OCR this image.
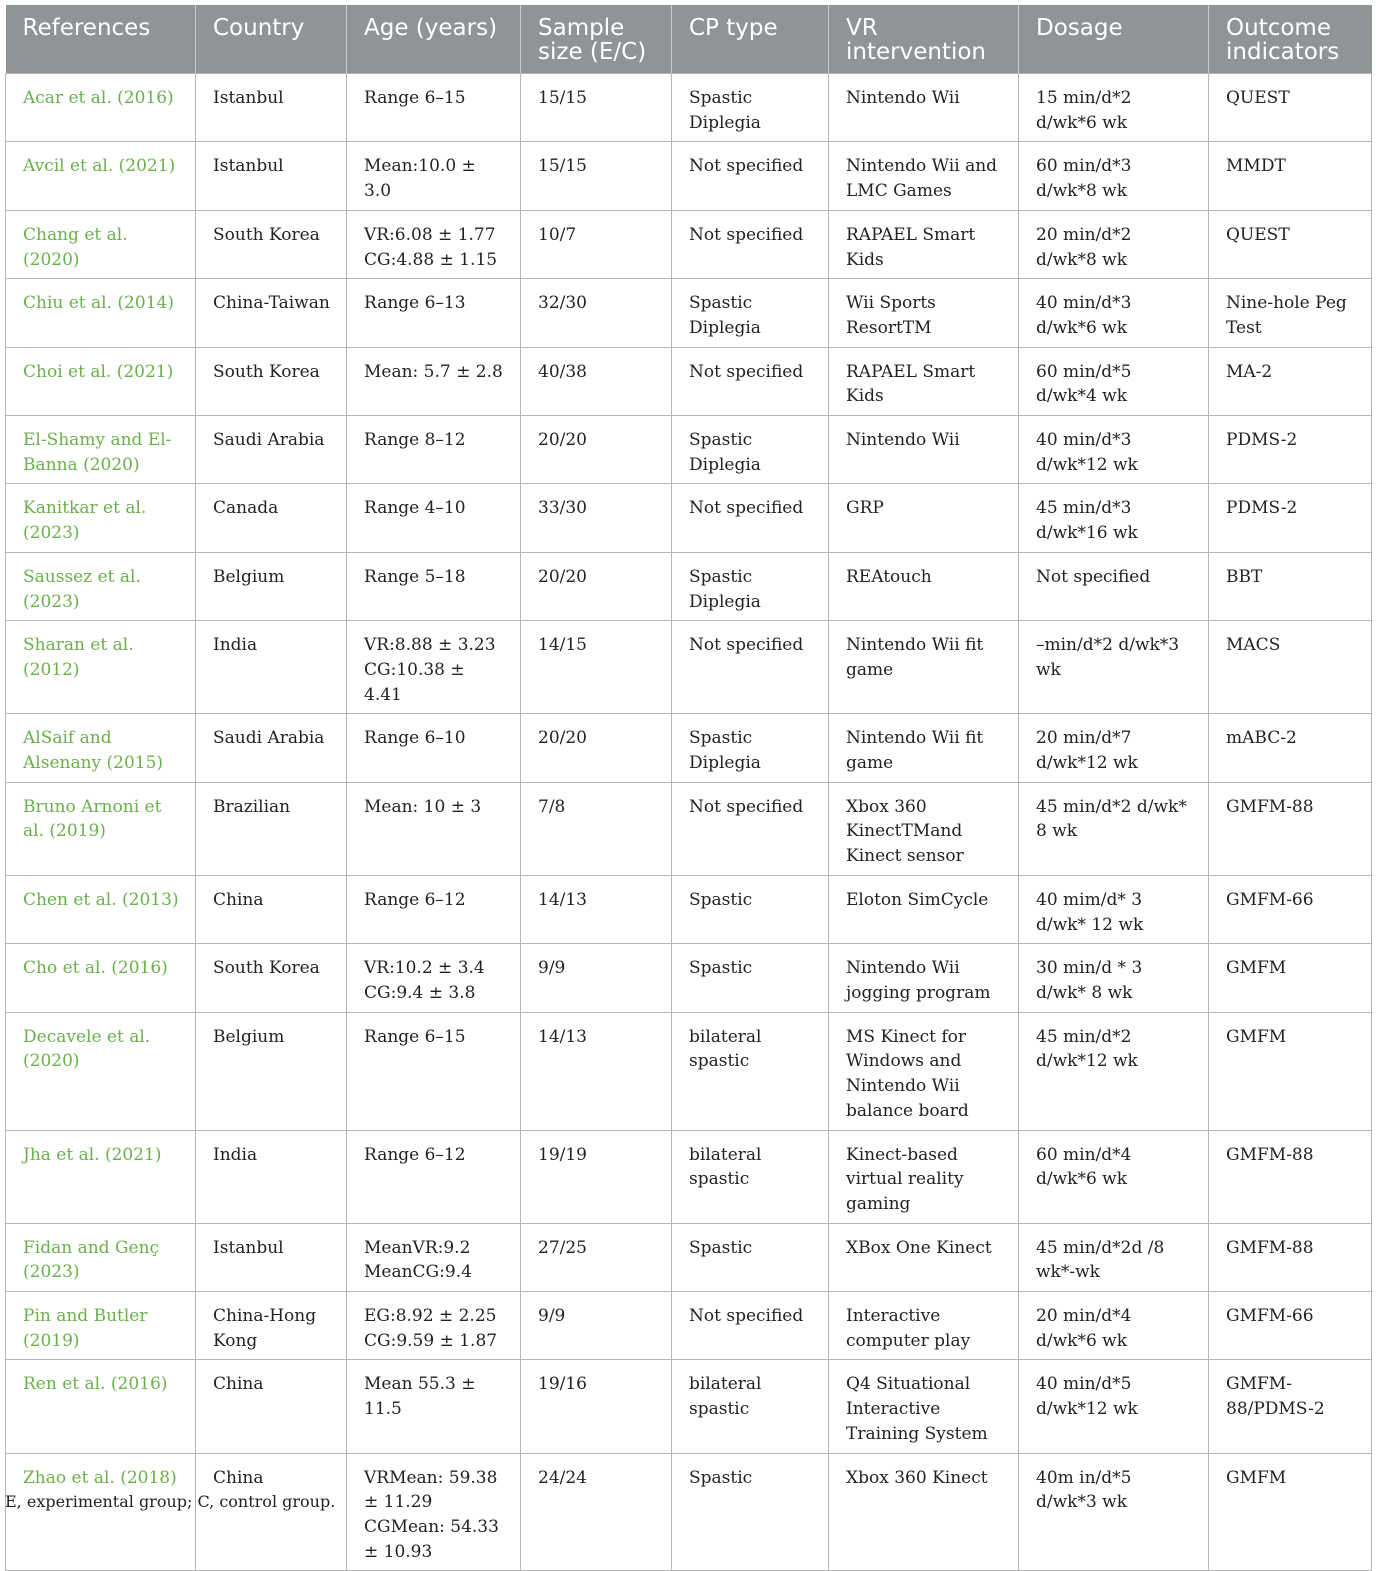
References	Country	Age (years)	Sample size (E/C)	CP type	VR intervention	Dosage	Outcome indicators
Acar et al. (2016)	Istanbul	Range 6–15	15/15	Spastic Diplegia	Nintendo Wii	15 min/d*2 d/wk*6 wk	QUEST
Avcil et al. (2021)	Istanbul	Mean:10.0 ± 3.0	15/15	Not specified	Nintendo Wii and LMC Games	60 min/d*3 d/wk*8 wk	MMDT
Chang et al. (2020)	South Korea	VR:6.08 ± 1.77 CG:4.88 ± 1.15	10/7	Not specified	RAPAEL Smart Kids	20 min/d*2 d/wk*8 wk	QUEST
Chiu et al. (2014)	China-Taiwan	Range 6–13	32/30	Spastic Diplegia	Wii Sports ResortTM	40 min/d*3 d/wk*6 wk	Nine-hole Peg Test
Choi et al. (2021)	South Korea	Mean: 5.7 ± 2.8	40/38	Not specified	RAPAEL Smart Kids	60 min/d*5 d/wk*4 wk	MA-2
El-Shamy and El-Banna (2020)	Saudi Arabia	Range 8–12	20/20	Spastic Diplegia	Nintendo Wii	40 min/d*3 d/wk*12 wk	PDMS-2
Kanitkar et al. (2023)	Canada	Range 4–10	33/30	Not specified	GRP	45 min/d*3 d/wk*16 wk	PDMS-2
Saussez et al. (2023)	Belgium	Range 5–18	20/20	Spastic Diplegia	REAtouch	Not specified	BBT
Sharan et al. (2012)	India	VR:8.88 ± 3.23 CG:10.38 ± 4.41	14/15	Not specified	Nintendo Wii fit game	–min/d*2 d/wk*3 wk	MACS
AlSaif and Alsenany (2015)	Saudi Arabia	Range 6–10	20/20	Spastic Diplegia	Nintendo Wii fit game	20 min/d*7 d/wk*12 wk	mABC-2
Bruno Arnoni et al. (2019)	Brazilian	Mean: 10 ± 3	7/8	Not specified	Xbox 360 KinectTMand Kinect sensor	45 min/d*2 d/wk* 8 wk	GMFM-88
Chen et al. (2013)	China	Range 6–12	14/13	Spastic	Eloton SimCycle	40 mim/d* 3 d/wk* 12 wk	GMFM-66
Cho et al. (2016)	South Korea	VR:10.2 ± 3.4 CG:9.4 ± 3.8	9/9	Spastic	Nintendo Wii jogging program	30 min/d * 3 d/wk* 8 wk	GMFM
Decavele et al. (2020)	Belgium	Range 6–15	14/13	bilateral spastic	MS Kinect for Windows and Nintendo Wii balance board	45 min/d*2 d/wk*12 wk	GMFM
Jha et al. (2021)	India	Range 6–12	19/19	bilateral spastic	Kinect-based virtual reality gaming	60 min/d*4 d/wk*6 wk	GMFM-88
Fidan and Genç (2023)	Istanbul	MeanVR:9.2 MeanCG:9.4	27/25	Spastic	XBox One Kinect	45 min/d*2d /8 wk*-wk	GMFM-88
Pin and Butler (2019)	China-Hong Kong	EG:8.92 ± 2.25 CG:9.59 ± 1.87	9/9	Not specified	Interactive computer play	20 min/d*4 d/wk*6 wk	GMFM-66
Ren et al. (2016)	China	Mean 55.3 ± 11.5	19/16	bilateral spastic	Q4 Situational Interactive Training System	40 min/d*5 d/wk*12 wk	GMFM-88/PDMS-2
Zhao et al. (2018)	China	VRMean: 59.38 ± 11.29 CGMean: 54.33 ± 10.93	24/24	Spastic	Xbox 360 Kinect	40m in/d*5 d/wk*3 wk	GMFM
E, experimental group; C, control group.
